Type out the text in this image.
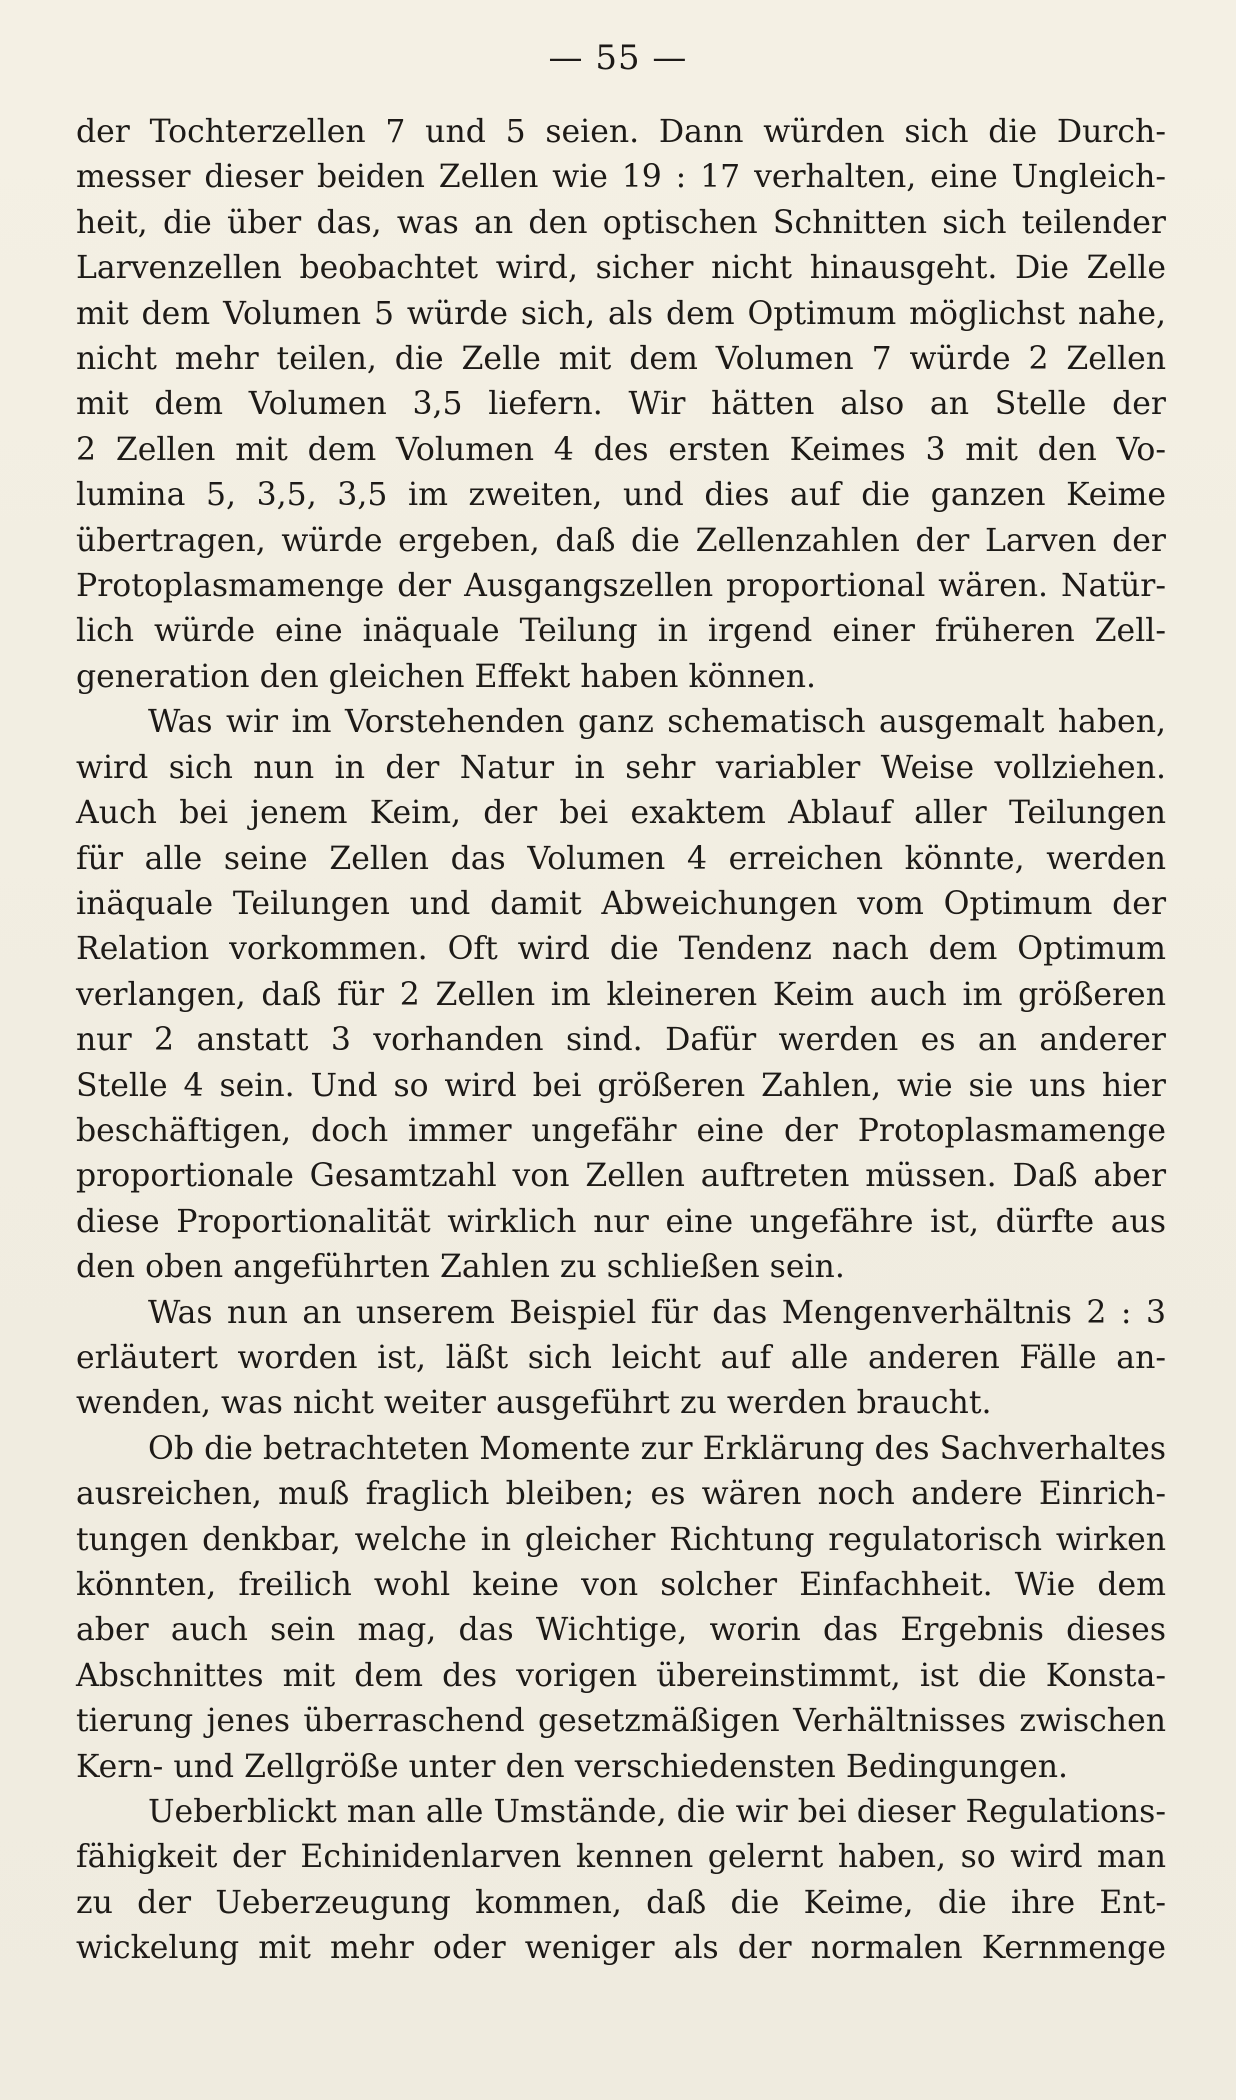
— 55 —
der Tochterzellen 7 und 5 seien. Dann würden sich die Durch-
messer dieser beiden Zellen wie 19 : 17 verhalten, eine Ungleich-
heit, die über das, was an den optischen Schnitten sich teilender
Larvenzellen beobachtet wird, sicher nicht hinausgeht. Die Zelle
mit dem Volumen 5 würde sich, als dem Optimum möglichst nahe,
nicht mehr teilen, die Zelle mit dem Volumen 7 würde 2 Zellen
mit dem Volumen 3,5 liefern. Wir hätten also an Stelle der
2 Zellen mit dem Volumen 4 des ersten Keimes 3 mit den Vo-
lumina 5, 3,5, 3,5 im zweiten, und dies auf die ganzen Keime
übertragen, würde ergeben, daß die Zellenzahlen der Larven der
Protoplasmamenge der Ausgangszellen proportional wären. Natür-
lich würde eine inäquale Teilung in irgend einer früheren Zell-
generation den gleichen Effekt haben können.
Was wir im Vorstehenden ganz schematisch ausgemalt haben,
wird sich nun in der Natur in sehr variabler Weise vollziehen.
Auch bei jenem Keim, der bei exaktem Ablauf aller Teilungen
für alle seine Zellen das Volumen 4 erreichen könnte, werden
inäquale Teilungen und damit Abweichungen vom Optimum der
Relation vorkommen. Oft wird die Tendenz nach dem Optimum
verlangen, daß für 2 Zellen im kleineren Keim auch im größeren
nur 2 anstatt 3 vorhanden sind. Dafür werden es an anderer
Stelle 4 sein. Und so wird bei größeren Zahlen, wie sie uns hier
beschäftigen, doch immer ungefähr eine der Protoplasmamenge
proportionale Gesamtzahl von Zellen auftreten müssen. Daß aber
diese Proportionalität wirklich nur eine ungefähre ist, dürfte aus
den oben angeführten Zahlen zu schließen sein.
Was nun an unserem Beispiel für das Mengenverhältnis 2 : 3
erläutert worden ist, läßt sich leicht auf alle anderen Fälle an-
wenden, was nicht weiter ausgeführt zu werden braucht.
Ob die betrachteten Momente zur Erklärung des Sachverhaltes
ausreichen, muß fraglich bleiben; es wären noch andere Einrich-
tungen denkbar, welche in gleicher Richtung regulatorisch wirken
könnten, freilich wohl keine von solcher Einfachheit. Wie dem
aber auch sein mag, das Wichtige, worin das Ergebnis dieses
Abschnittes mit dem des vorigen übereinstimmt, ist die Konsta-
tierung jenes überraschend gesetzmäßigen Verhältnisses zwischen
Kern- und Zellgröße unter den verschiedensten Bedingungen.
Ueberblickt man alle Umstände, die wir bei dieser Regulations-
fähigkeit der Echinidenlarven kennen gelernt haben, so wird man
zu der Ueberzeugung kommen, daß die Keime, die ihre Ent-
wickelung mit mehr oder weniger als der normalen Kernmenge
